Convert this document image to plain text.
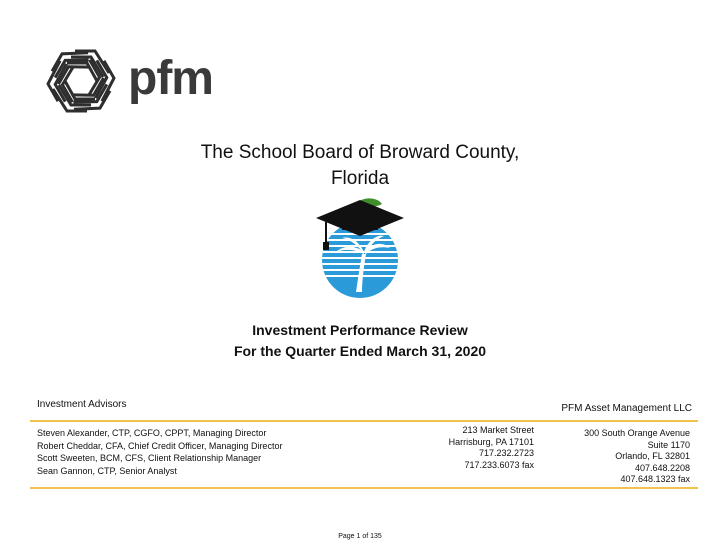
pfm
The School Board of Broward County,
Florida
Investment Performance Review
For the Quarter Ended March 31, 2020
Investment Advisors	PFM Asset Management LLC
Steven Alexander, CTP, CGFO, CPPT, Managing Director
Robert Cheddar, CFA, Chief Credit Officer, Managing Director
Scott Sweeten, BCM, CFS, Client Relationship Manager
Sean Gannon, CTP, Senior Analyst
213 Market Street
Harrisburg, PA 17101
717.232.2723
717.233.6073 fax
300 South Orange Avenue
Suite 1170
Orlando, FL 32801
407.648.2208
407.648.1323 fax
Page 1 of 135
